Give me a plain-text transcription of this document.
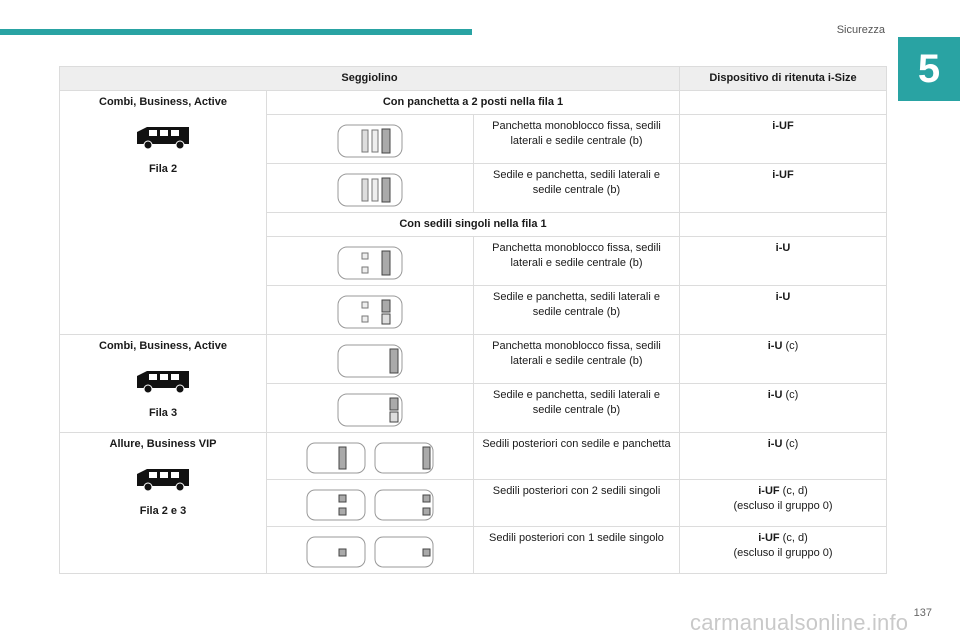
Sicurezza
5
Seggiolino			Dispositivo di ritenuta i-Size

Combi, Business, Active
Fila 2	Con panchetta a 2 posti nella fila 1		

	Panchetta monoblocco fissa, sedili laterali e sedile centrale (b)	i-UF

	Sedile e panchetta, sedili laterali e sedile centrale (b)	i-UF
	Con sedili singoli nella fila 1		

	Panchetta monoblocco fissa, sedili laterali e sedile centrale (b)	i-U

	Sedile e panchetta, sedili laterali e sedile centrale (b)	i-U

Combi, Business, Active
Fila 3		Panchetta monoblocco fissa, sedili laterali e sedile centrale (b)	i-U (c)

	Sedile e panchetta, sedili laterali e sedile centrale (b)	i-U (c)

Allure, Business VIP
Fila 2 e 3		Sedili posteriori con sedile e panchetta	i-U (c)

	Sedili posteriori con 2 sedili singoli	i-UF (c, d)
(escluso il gruppo 0)

	Sedili posteriori con 1 sedile singolo	i-UF (c, d)
(escluso il gruppo 0)
137
carmanualsonline.info
